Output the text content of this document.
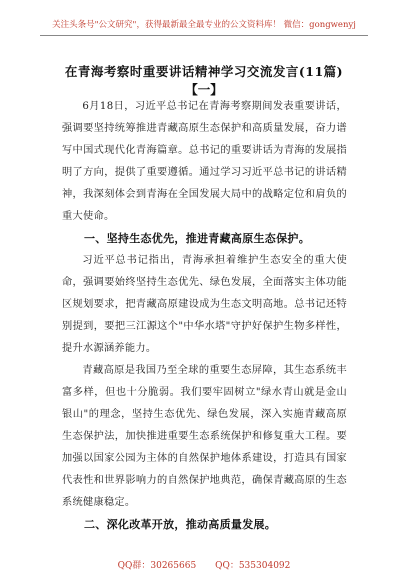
关注头条号"公文研究"，获得最新最全最专业的公文资料库！ 微信：gongwenyj
在青海考察时重要讲话精神学习交流发言(11篇)
【一】

6月18日，习近平总书记在青海考察期间发表重要讲话，强调要坚持统筹推进青藏高原生态保护和高质量发展，奋力谱写中国式现代化青海篇章。总书记的重要讲话为青海的发展指明了方向，提供了重要遵循。通过学习习近平总书记的讲话精神，我深刻体会到青海在全国发展大局中的战略定位和肩负的重大使命。

一、坚持生态优先，推进青藏高原生态保护。

习近平总书记指出，青海承担着维护生态安全的重大使命，强调要始终坚持生态优先、绿色发展，全面落实主体功能区规划要求，把青藏高原建设成为生态文明高地。总书记还特别提到，要把三江源这个"中华水塔"守护好保护生物多样性，提升水源涵养能力。

青藏高原是我国乃至全球的重要生态屏障，其生态系统丰富多样，但也十分脆弱。我们要牢固树立"绿水青山就是金山银山"的理念，坚持生态优先、绿色发展，深入实施青藏高原生态保护法，加快推进重要生态系统保护和修复重大工程。要加强以国家公园为主体的自然保护地体系建设，打造具有国家代表性和世界影响力的自然保护地典范，确保青藏高原的生态系统健康稳定。

二、深化改革开放，推动高质量发展。

QQ群：30265665 QQ：535304092
